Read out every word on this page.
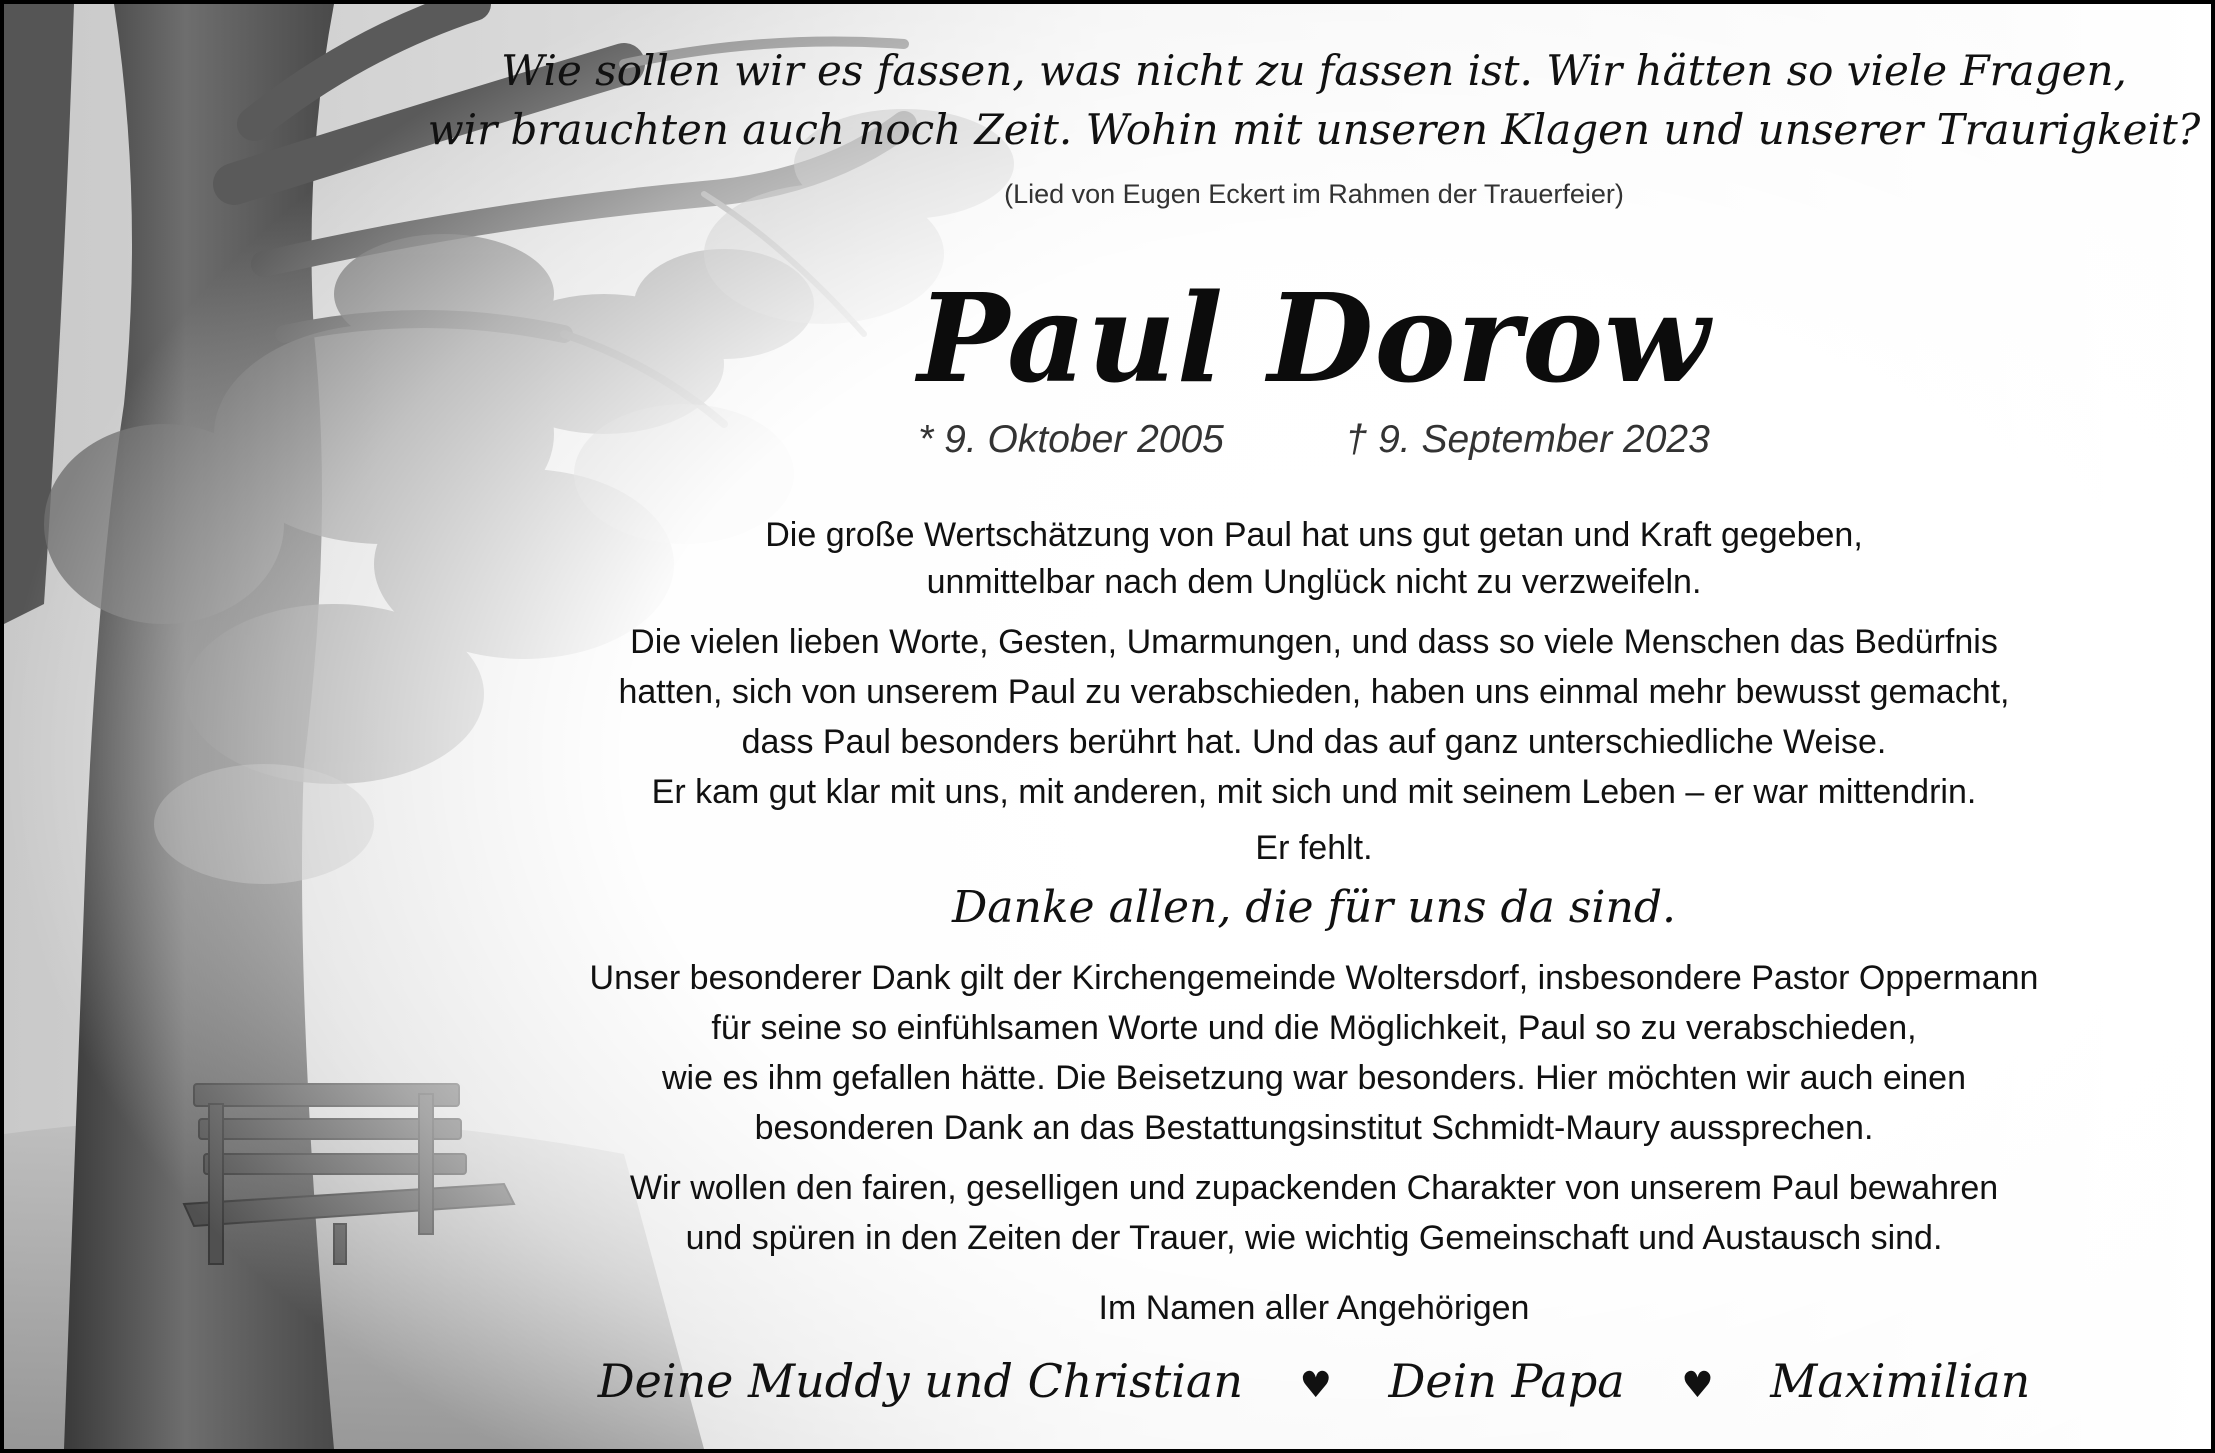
Wie sollen wir es fassen, was nicht zu fassen ist. Wir hätten so viele Fragen,
wir brauchten auch noch Zeit. Wohin mit unseren Klagen und unserer Traurigkeit?
(Lied von Eugen Eckert im Rahmen der Trauerfeier)
Paul Dorow
* 9. Oktober 2005	† 9. September 2023
Die große Wertschätzung von Paul hat uns gut getan und Kraft gegeben,
unmittelbar nach dem Unglück nicht zu verzweifeln.
Die vielen lieben Worte, Gesten, Umarmungen, und dass so viele Menschen das Bedürfnis
hatten, sich von unserem Paul zu verabschieden, haben uns einmal mehr bewusst gemacht,
dass Paul besonders berührt hat. Und das auf ganz unterschiedliche Weise.
Er kam gut klar mit uns, mit anderen, mit sich und mit seinem Leben – er war mittendrin.
Er fehlt.
Danke allen, die für uns da sind.
Unser besonderer Dank gilt der Kirchengemeinde Woltersdorf, insbesondere Pastor Oppermann
für seine so einfühlsamen Worte und die Möglichkeit, Paul so zu verabschieden,
wie es ihm gefallen hätte. Die Beisetzung war besonders. Hier möchten wir auch einen
besonderen Dank an das Bestattungsinstitut Schmidt-Maury aussprechen.
Wir wollen den fairen, geselligen und zupackenden Charakter von unserem Paul bewahren
und spüren in den Zeiten der Trauer, wie wichtig Gemeinschaft und Austausch sind.
Im Namen aller Angehörigen
Deine Muddy und Christian ♥ Dein Papa ♥ Maximilian
